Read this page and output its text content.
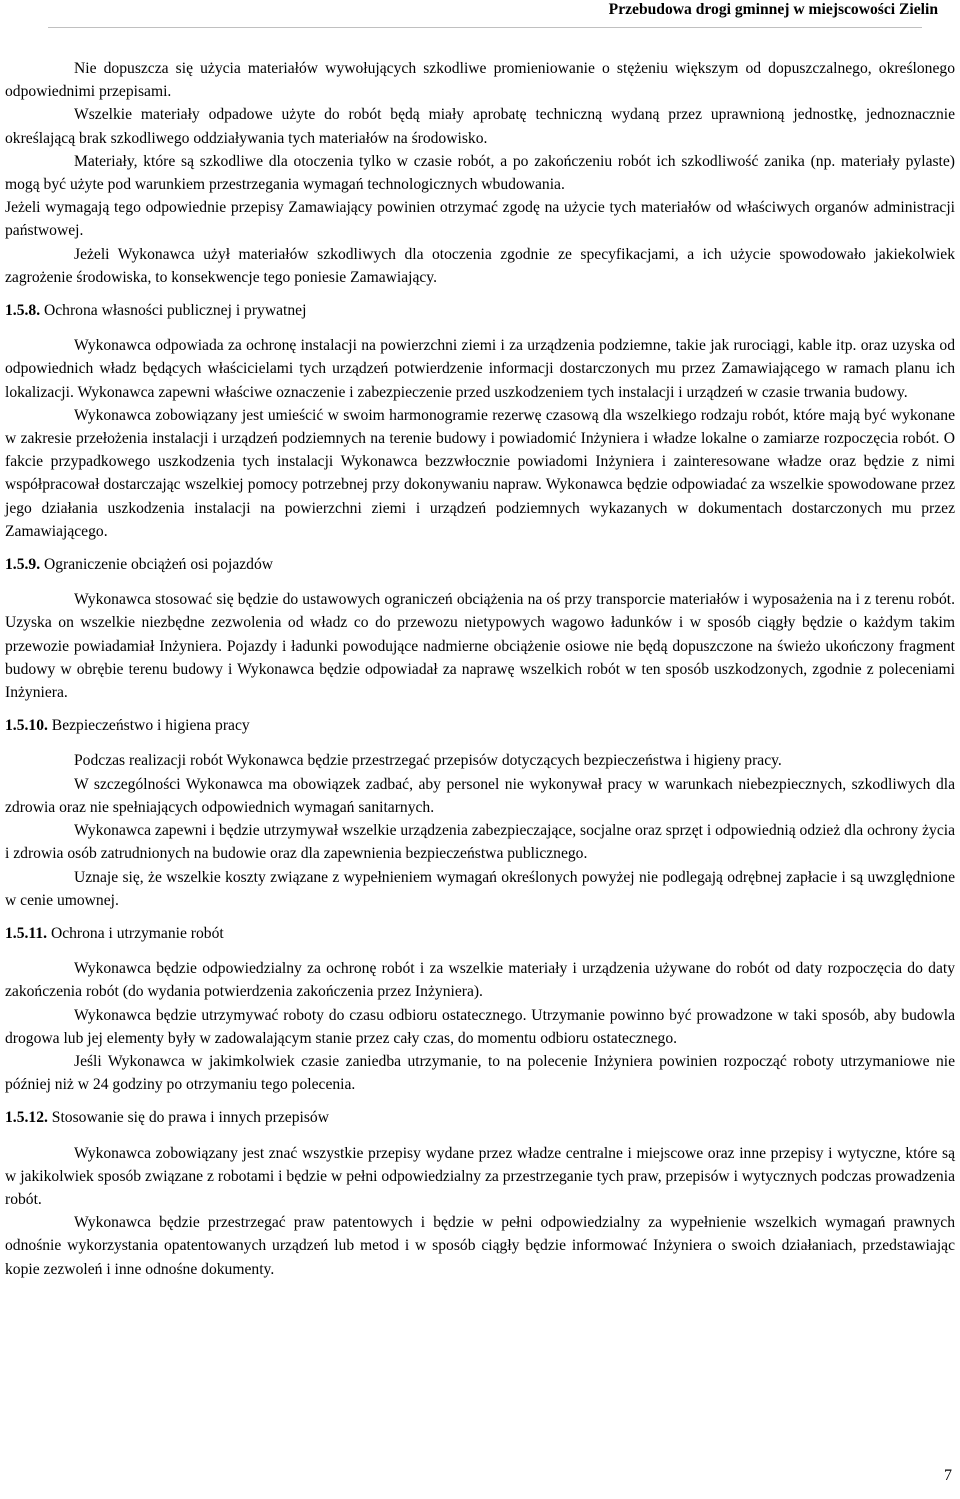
Przebudowa drogi gminnej w miejscowości Zielin

Nie dopuszcza się użycia materiałów wywołujących szkodliwe promieniowanie o stężeniu większym od dopuszczalnego, określonego odpowiednimi przepisami.

Wszelkie materiały odpadowe użyte do robót będą miały aprobatę techniczną wydaną przez uprawnioną jednostkę, jednoznacznie określającą brak szkodliwego oddziaływania tych materiałów na środowisko.

Materiały, które są szkodliwe dla otoczenia tylko w czasie robót, a po zakończeniu robót ich szkodliwość zanika (np. materiały pylaste) mogą być użyte pod warunkiem przestrzegania wymagań technologicznych wbudowania.

Jeżeli wymagają tego odpowiednie przepisy Zamawiający powinien otrzymać zgodę na użycie tych materiałów od właściwych organów administracji państwowej.

Jeżeli Wykonawca użył materiałów szkodliwych dla otoczenia zgodnie ze specyfikacjami, a ich użycie spowodowało jakiekolwiek zagrożenie środowiska, to konsekwencje tego poniesie Zamawiający.

1.5.8. Ochrona własności publicznej i prywatnej

Wykonawca odpowiada za ochronę instalacji na powierzchni ziemi i za urządzenia podziemne, takie jak rurociągi, kable itp. oraz uzyska od odpowiednich władz będących właścicielami tych urządzeń potwierdzenie informacji dostarczonych mu przez Zamawiającego w ramach planu ich lokalizacji. Wykonawca zapewni właściwe oznaczenie i zabezpieczenie przed uszkodzeniem tych instalacji i urządzeń w czasie trwania budowy.

Wykonawca zobowiązany jest umieścić w swoim harmonogramie rezerwę czasową dla wszelkiego rodzaju robót, które mają być wykonane w zakresie przełożenia instalacji i urządzeń podziemnych na terenie budowy i powiadomić Inżyniera i władze lokalne o zamiarze rozpoczęcia robót. O fakcie przypadkowego uszkodzenia tych instalacji Wykonawca bezzwłocznie powiadomi Inżyniera i zainteresowane władze oraz będzie z nimi współpracował dostarczając wszelkiej pomocy potrzebnej przy dokonywaniu napraw. Wykonawca będzie odpowiadać za wszelkie spowodowane przez jego działania uszkodzenia instalacji na powierzchni ziemi i urządzeń podziemnych wykazanych w dokumentach dostarczonych mu przez Zamawiającego.

1.5.9. Ograniczenie obciążeń osi pojazdów

Wykonawca stosować się będzie do ustawowych ograniczeń obciążenia na oś przy transporcie materiałów i wyposażenia na i z terenu robót. Uzyska on wszelkie niezbędne zezwolenia od władz co do przewozu nietypowych wagowo ładunków i w sposób ciągły będzie o każdym takim przewozie powiadamiał Inżyniera. Pojazdy i ładunki powodujące nadmierne obciążenie osiowe nie będą dopuszczone na świeżo ukończony fragment budowy w obrębie terenu budowy i Wykonawca będzie odpowiadał za naprawę wszelkich robót w ten sposób uszkodzonych, zgodnie z poleceniami Inżyniera.

1.5.10. Bezpieczeństwo i higiena pracy

Podczas realizacji robót Wykonawca będzie przestrzegać przepisów dotyczących bezpieczeństwa i higieny pracy.

W szczególności Wykonawca ma obowiązek zadbać, aby personel nie wykonywał pracy w warunkach niebezpiecznych, szkodliwych dla zdrowia oraz nie spełniających odpowiednich wymagań sanitarnych.

Wykonawca zapewni i będzie utrzymywał wszelkie urządzenia zabezpieczające, socjalne oraz sprzęt i odpowiednią odzież dla ochrony życia i zdrowia osób zatrudnionych na budowie oraz dla zapewnienia bezpieczeństwa publicznego.

Uznaje się, że wszelkie koszty związane z wypełnieniem wymagań określonych powyżej nie podlegają odrębnej zapłacie i są uwzględnione w cenie umownej.

1.5.11. Ochrona i utrzymanie robót

Wykonawca będzie odpowiedzialny za ochronę robót i za wszelkie materiały i urządzenia używane do robót od daty rozpoczęcia do daty zakończenia robót (do wydania potwierdzenia zakończenia przez Inżyniera).

Wykonawca będzie utrzymywać roboty do czasu odbioru ostatecznego. Utrzymanie powinno być prowadzone w taki sposób, aby budowla drogowa lub jej elementy były w zadowalającym stanie przez cały czas, do momentu odbioru ostatecznego.

Jeśli Wykonawca w jakimkolwiek czasie zaniedba utrzymanie, to na polecenie Inżyniera powinien rozpocząć roboty utrzymaniowe nie później niż w 24 godziny po otrzymaniu tego polecenia.

1.5.12. Stosowanie się do prawa i innych przepisów

Wykonawca zobowiązany jest znać wszystkie przepisy wydane przez władze centralne i miejscowe oraz inne przepisy i wytyczne, które są w jakikolwiek sposób związane z robotami i będzie w pełni odpowiedzialny za przestrzeganie tych praw, przepisów i wytycznych podczas prowadzenia robót.

Wykonawca będzie przestrzegać praw patentowych i będzie w pełni odpowiedzialny za wypełnienie wszelkich wymagań prawnych odnośnie wykorzystania opatentowanych urządzeń lub metod i w sposób ciągły będzie informować Inżyniera o swoich działaniach, przedstawiając kopie zezwoleń i inne odnośne dokumenty.

7
